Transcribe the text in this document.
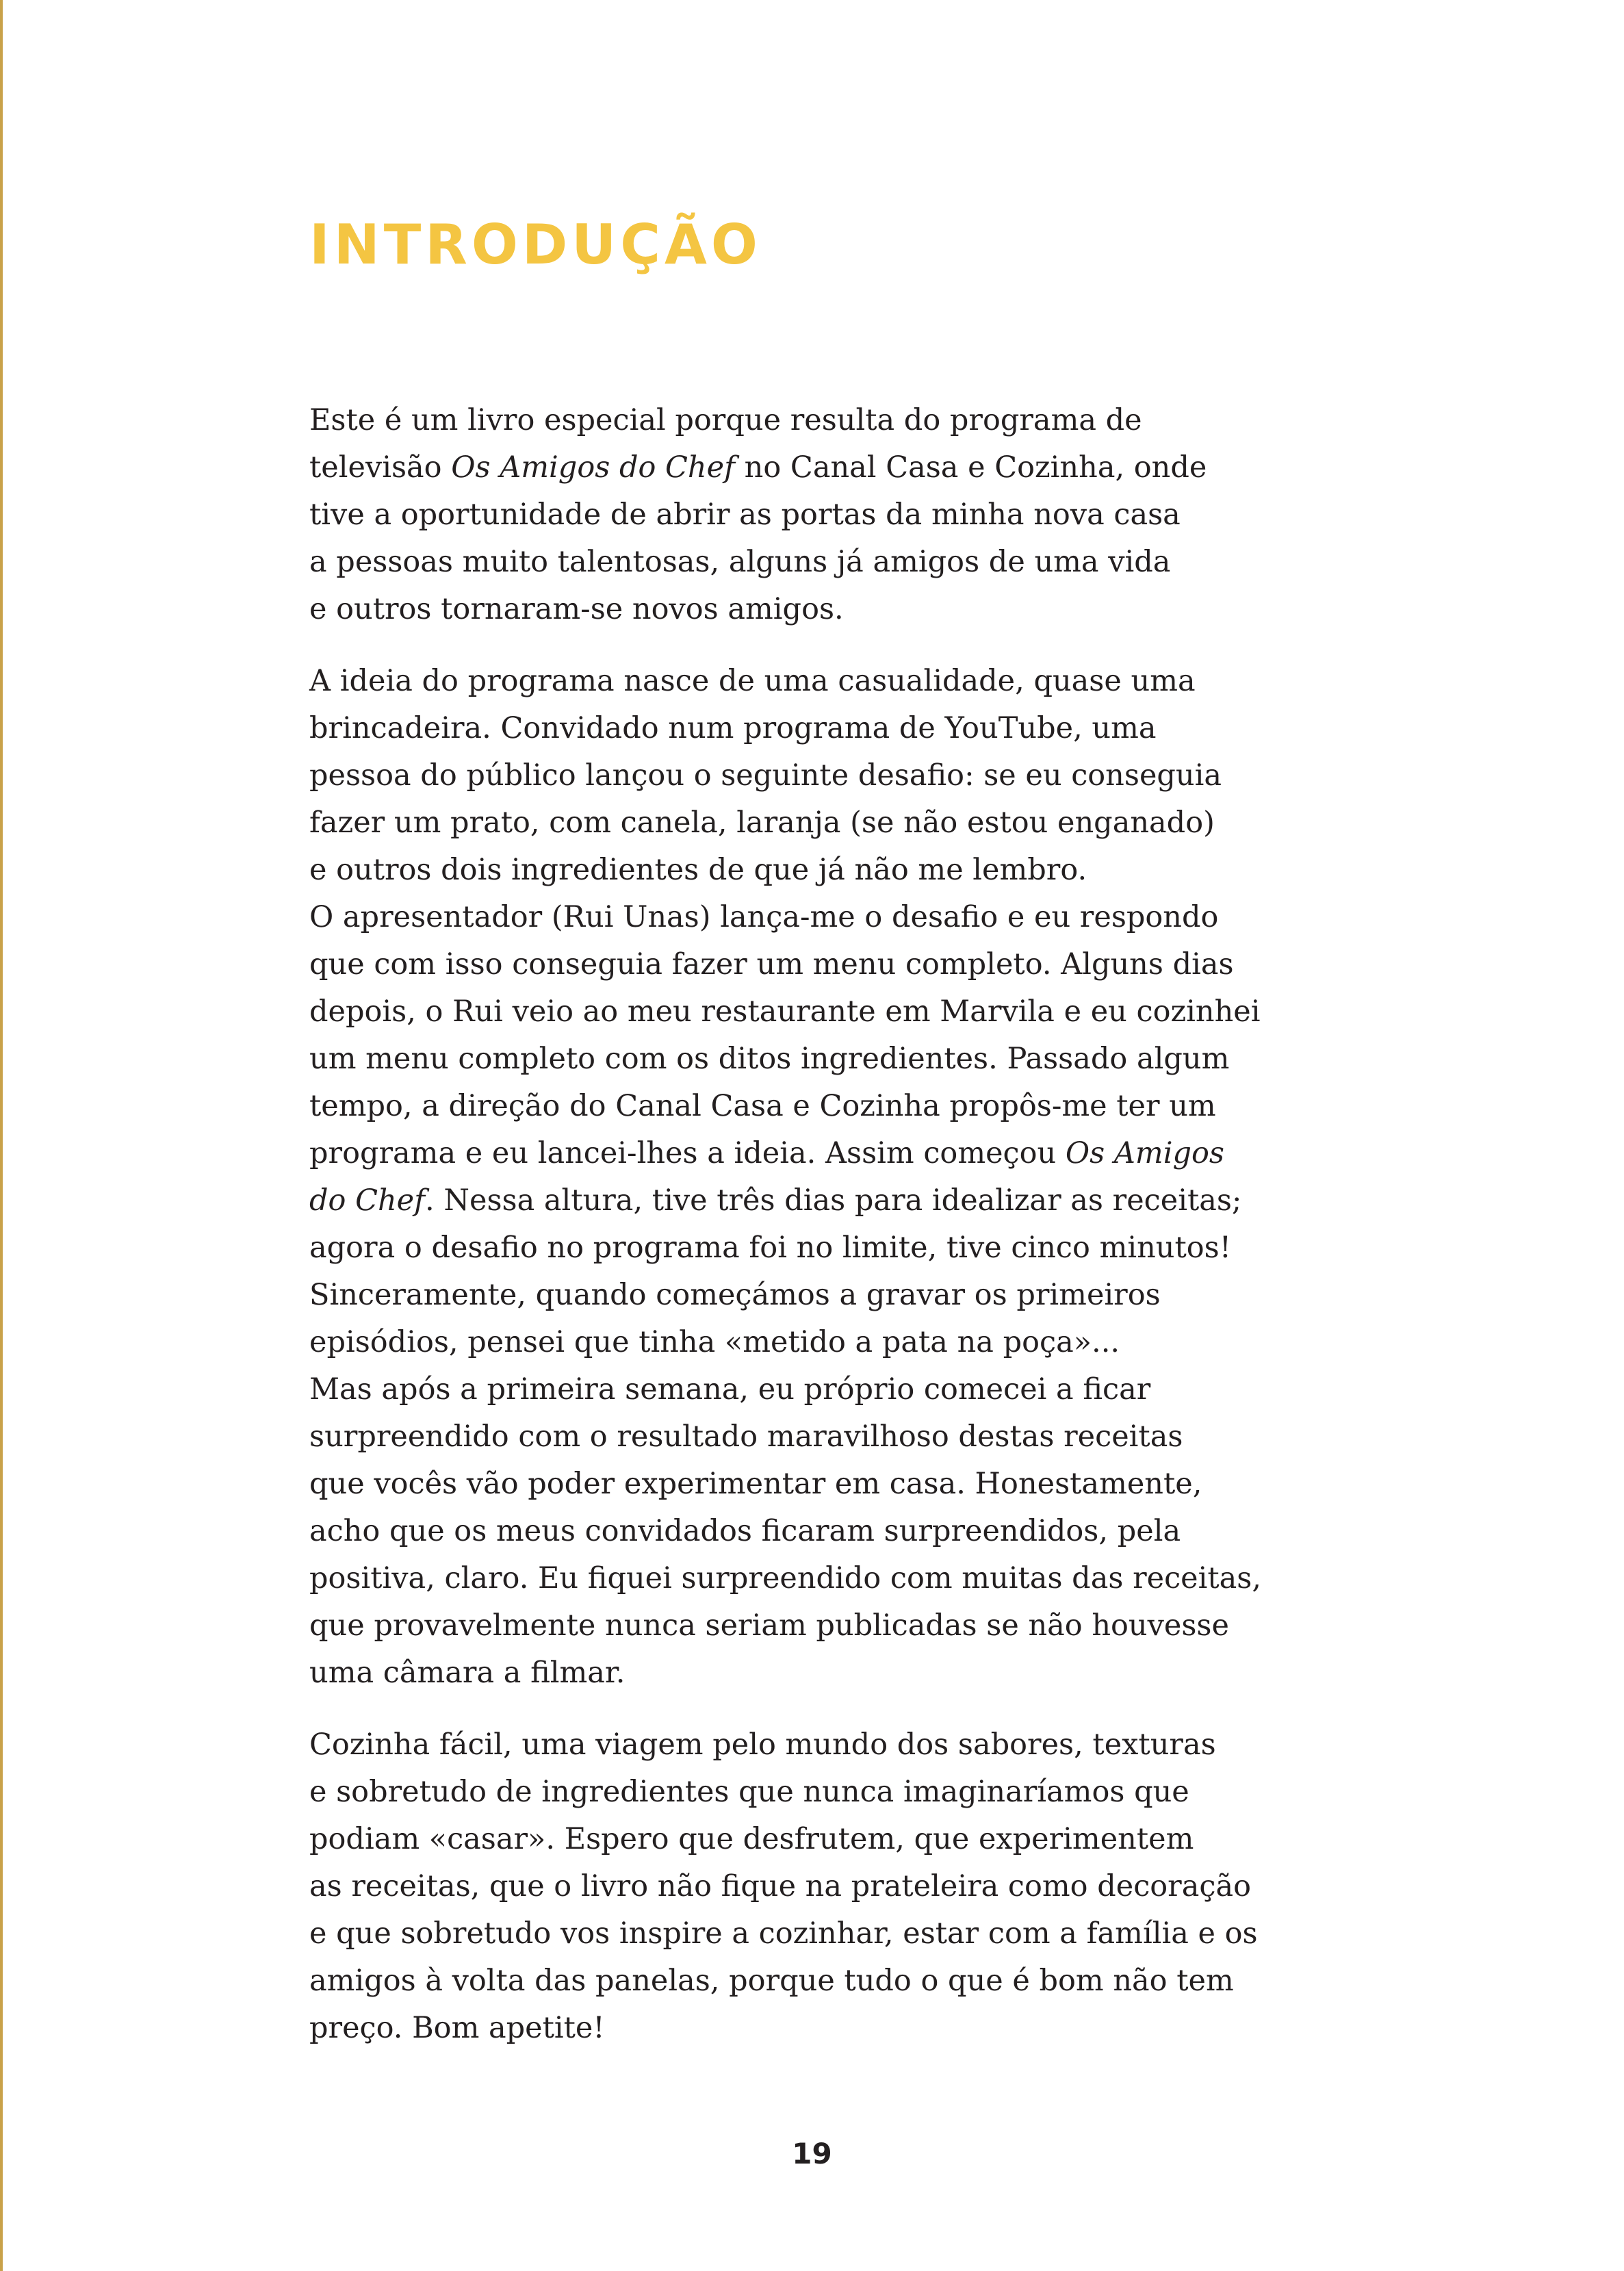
INTRODUÇÃO

Este é um livro especial porque resulta do programa de
televisão Os Amigos do Chef no Canal Casa e Cozinha, onde
tive a oportunidade de abrir as portas da minha nova casa
a pessoas muito talentosas, alguns já amigos de uma vida
e outros tornaram-se novos amigos.

A ideia do programa nasce de uma casualidade, quase uma
brincadeira. Convidado num programa de YouTube, uma
pessoa do público lançou o seguinte desafio: se eu conseguia
fazer um prato, com canela, laranja (se não estou enganado)
e outros dois ingredientes de que já não me lembro.
O apresentador (Rui Unas) lança-me o desafio e eu respondo
que com isso conseguia fazer um menu completo. Alguns dias
depois, o Rui veio ao meu restaurante em Marvila e eu cozinhei
um menu completo com os ditos ingredientes. Passado algum
tempo, a direção do Canal Casa e Cozinha propôs-me ter um
programa e eu lancei-lhes a ideia. Assim começou Os Amigos
do Chef. Nessa altura, tive três dias para idealizar as receitas;
agora o desafio no programa foi no limite, tive cinco minutos!
Sinceramente, quando começámos a gravar os primeiros
episódios, pensei que tinha «metido a pata na poça»...
Mas após a primeira semana, eu próprio comecei a ficar
surpreendido com o resultado maravilhoso destas receitas
que vocês vão poder experimentar em casa. Honestamente,
acho que os meus convidados ficaram surpreendidos, pela
positiva, claro. Eu fiquei surpreendido com muitas das receitas,
que provavelmente nunca seriam publicadas se não houvesse
uma câmara a filmar.

Cozinha fácil, uma viagem pelo mundo dos sabores, texturas
e sobretudo de ingredientes que nunca imaginaríamos que
podiam «casar». Espero que desfrutem, que experimentem
as receitas, que o livro não fique na prateleira como decoração
e que sobretudo vos inspire a cozinhar, estar com a família e os
amigos à volta das panelas, porque tudo o que é bom não tem
preço. Bom apetite!

19
